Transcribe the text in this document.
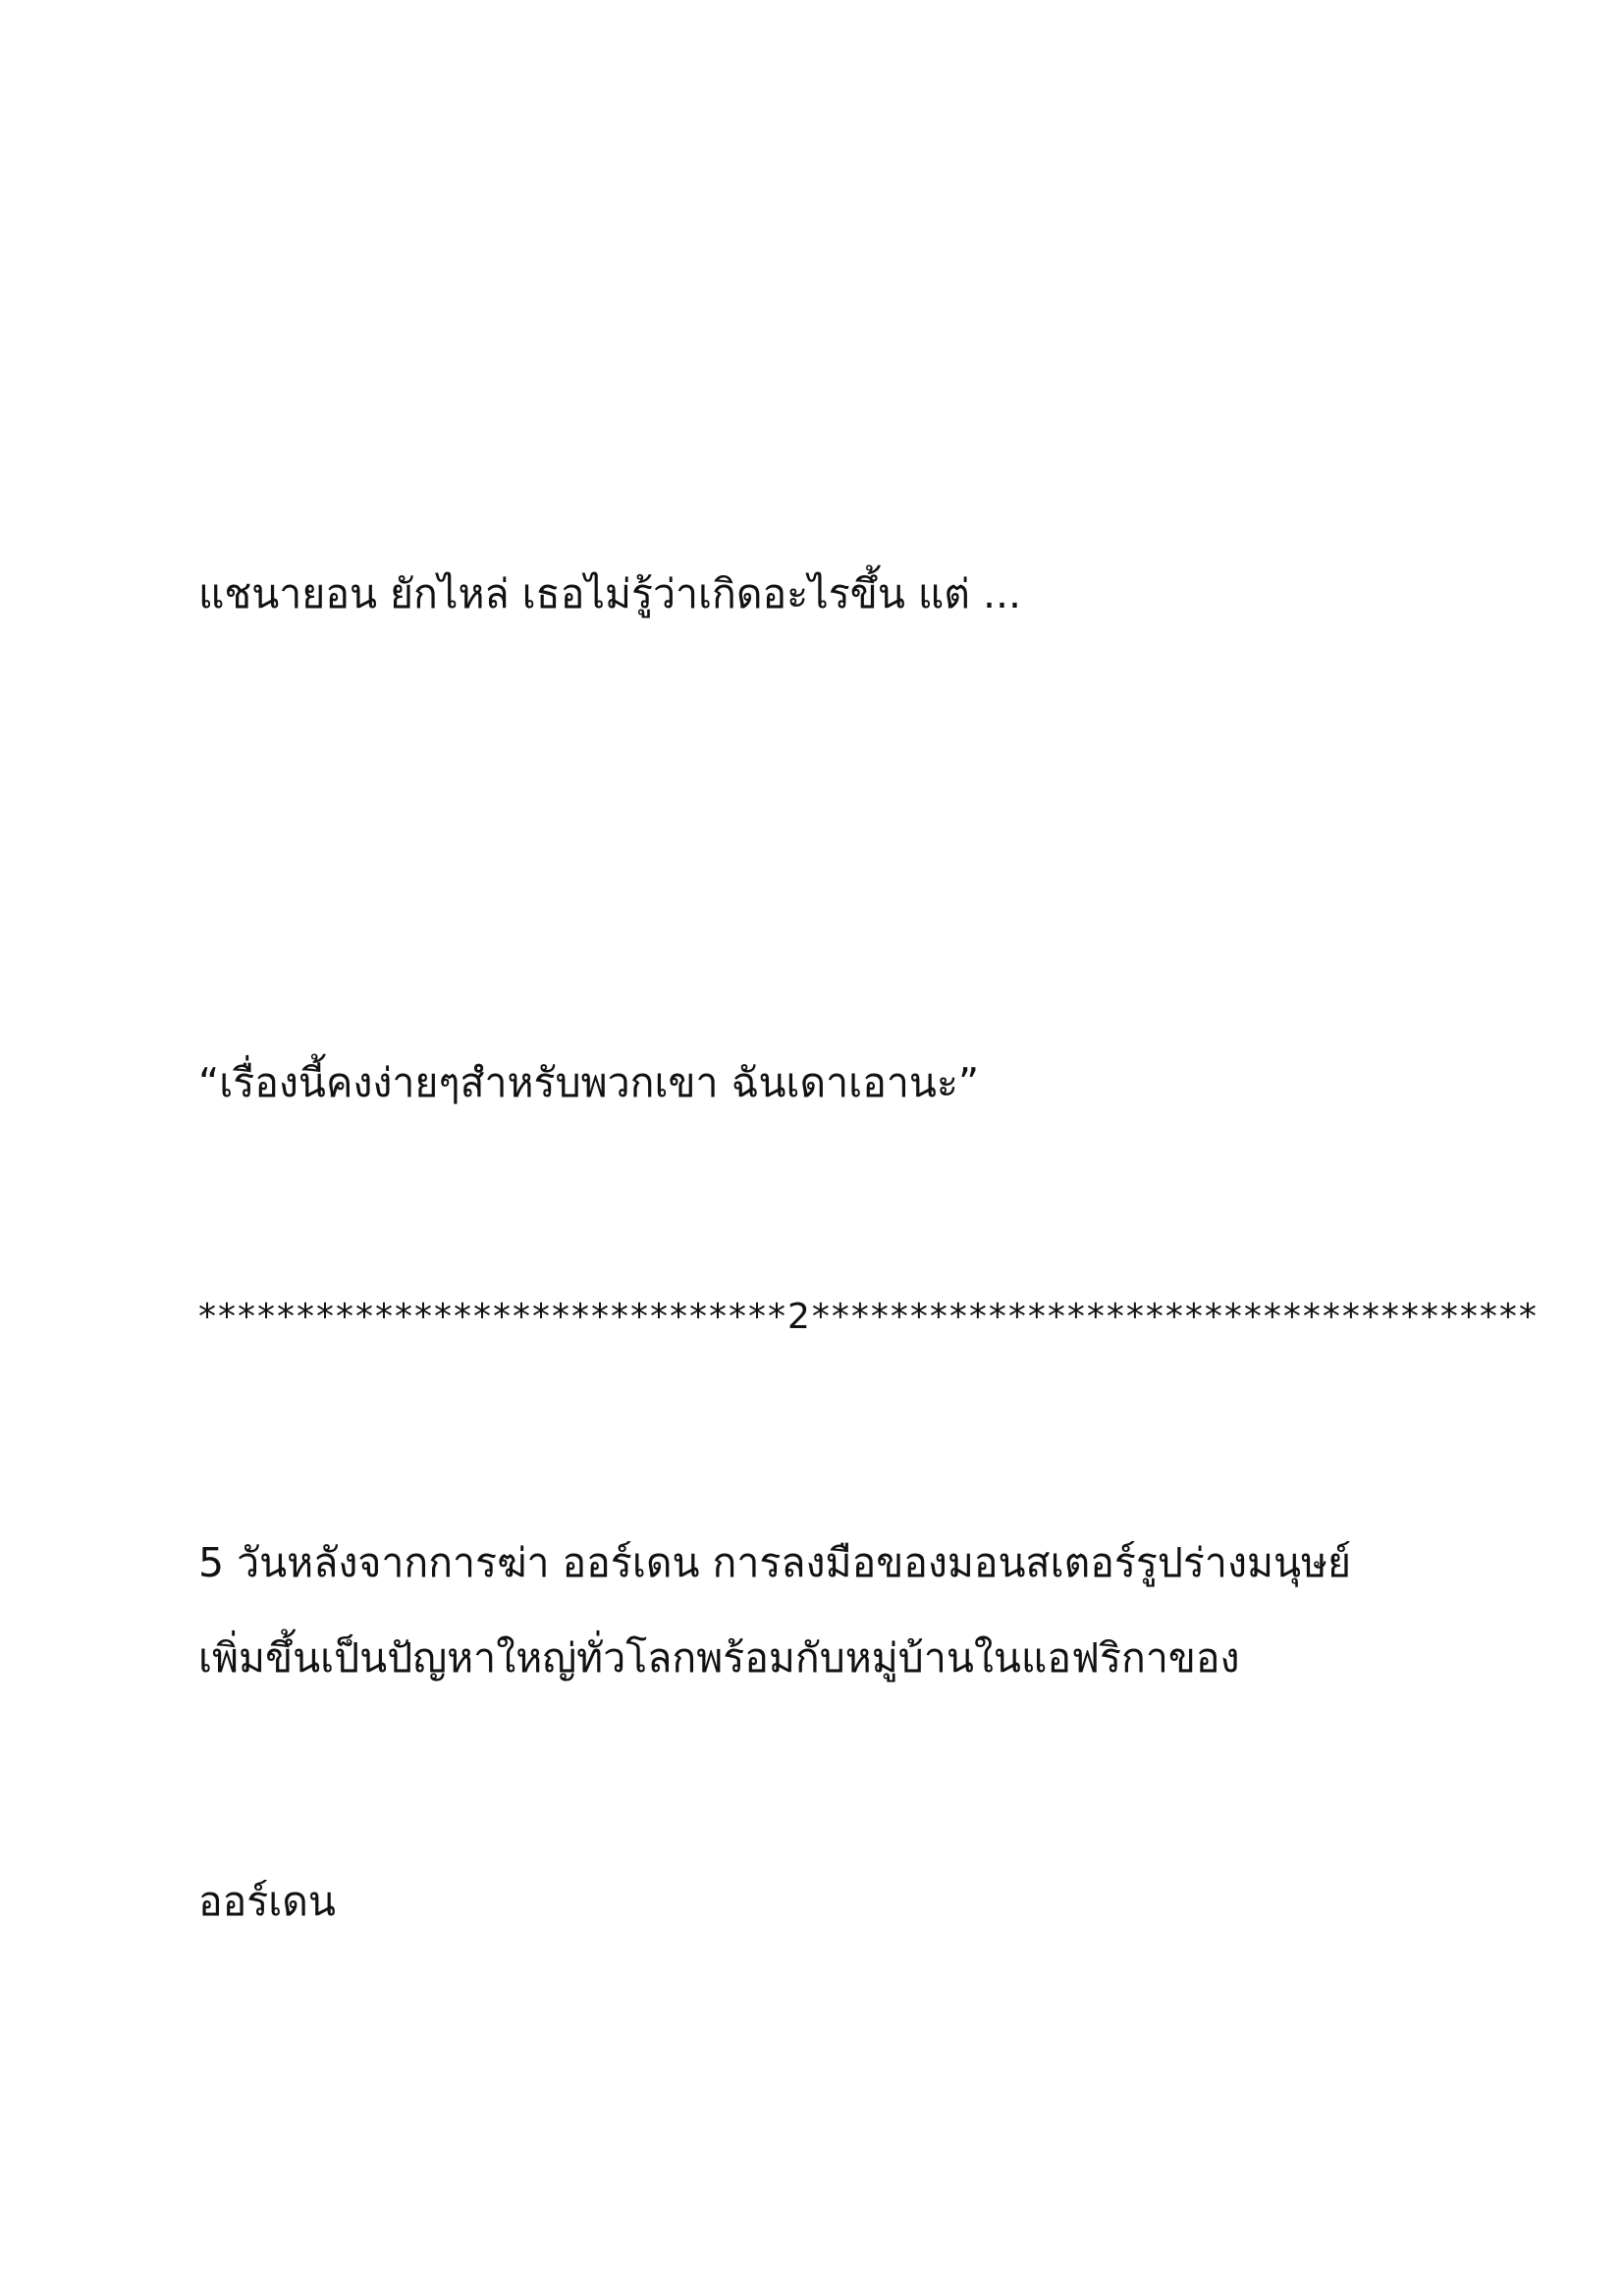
แชนายอน ยักไหล่ เธอไม่รู้ว่าเกิดอะไรขึ้น แต่ ...

“เรื่องนี้คงง่ายๆสำหรับพวกเขา ฉันเดาเอานะ”

******************************2*************************************

5 วันหลังจากการฆ่า ออร์เดน การลงมือของมอนสเตอร์รูปร่างมนุษย์

เพิ่มขึ้นเป็นปัญหาใหญ่ทั่วโลกพร้อมกับหมู่บ้านในแอฟริกาของ

ออร์เดน
